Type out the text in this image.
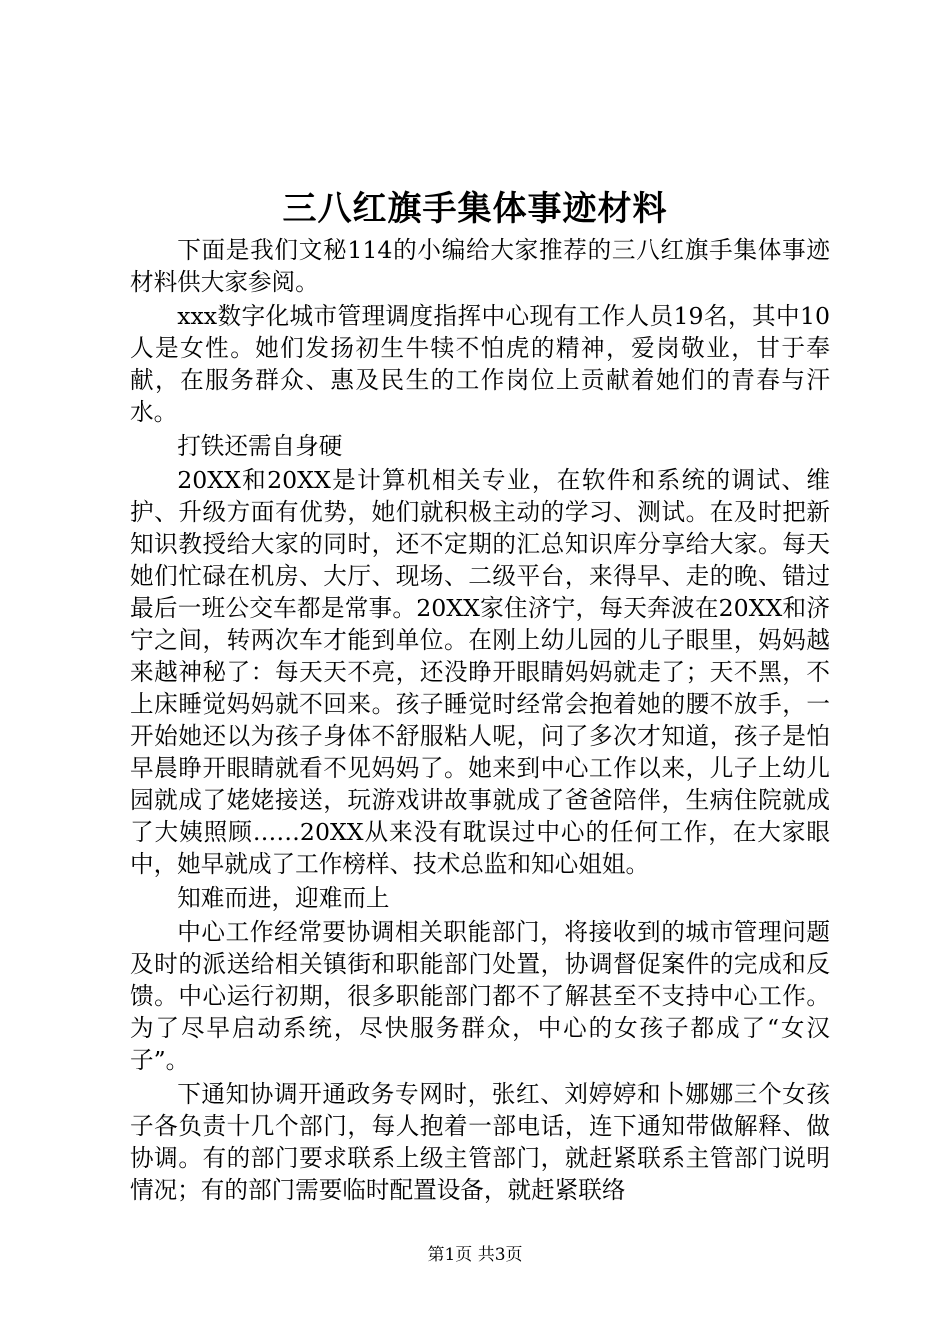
三八红旗手集体事迹材料

下面是我们文秘114的小编给大家推荐的三八红旗手集体事迹材料供大家参阅。

xxx数字化城市管理调度指挥中心现有工作人员19名，其中10人是女性。她们发扬初生牛犊不怕虎的精神，爱岗敬业，甘于奉献，在服务群众、惠及民生的工作岗位上贡献着她们的青春与汗水。

打铁还需自身硬

20XX和20XX是计算机相关专业，在软件和系统的调试、维护、升级方面有优势，她们就积极主动的学习、测试。在及时把新知识教授给大家的同时，还不定期的汇总知识库分享给大家。每天她们忙碌在机房、大厅、现场、二级平台，来得早、走的晚、错过最后一班公交车都是常事。20XX家住济宁，每天奔波在20XX和济宁之间，转两次车才能到单位。在刚上幼儿园的儿子眼里，妈妈越来越神秘了：每天天不亮，还没睁开眼睛妈妈就走了；天不黑，不上床睡觉妈妈就不回来。孩子睡觉时经常会抱着她的腰不放手，一开始她还以为孩子身体不舒服粘人呢，问了多次才知道，孩子是怕早晨睁开眼睛就看不见妈妈了。她来到中心工作以来，儿子上幼儿园就成了姥姥接送，玩游戏讲故事就成了爸爸陪伴，生病住院就成了大姨照顾……20XX从来没有耽误过中心的任何工作，在大家眼中，她早就成了工作榜样、技术总监和知心姐姐。

知难而进，迎难而上

中心工作经常要协调相关职能部门，将接收到的城市管理问题及时的派送给相关镇街和职能部门处置，协调督促案件的完成和反馈。中心运行初期，很多职能部门都不了解甚至不支持中心工作。为了尽早启动系统，尽快服务群众，中心的女孩子都成了“女汉子”。

下通知协调开通政务专网时，张红、刘婷婷和卜娜娜三个女孩子各负责十几个部门，每人抱着一部电话，连下通知带做解释、做协调。有的部门要求联系上级主管部门，就赶紧联系主管部门说明情况；有的部门需要临时配置设备，就赶紧联络

第1页 共3页
